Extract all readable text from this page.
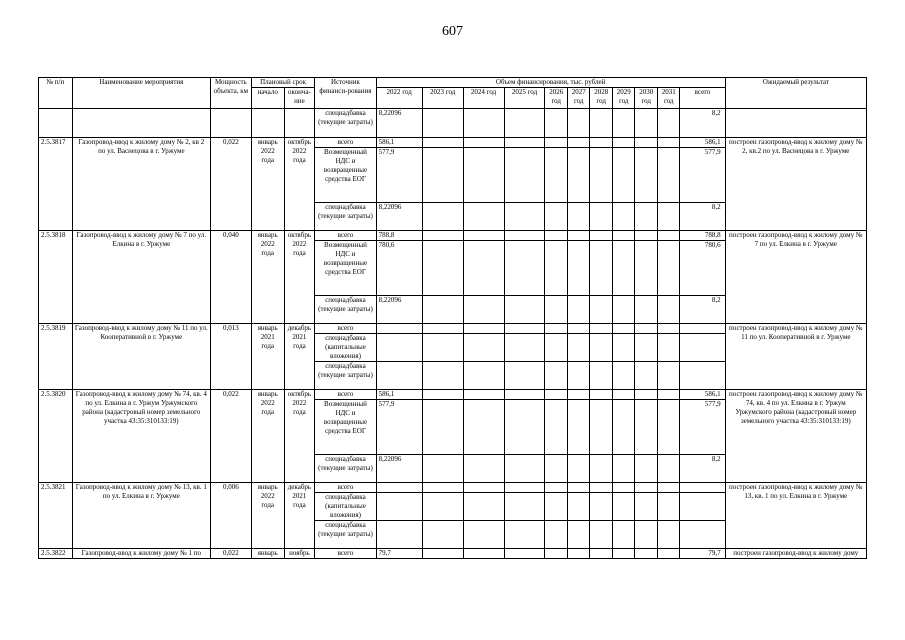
607
№ п/п	Наименование мероприятия	Мощность объекта, км	Плановый срок		Источник финанси-рования	Объем финансирования, тыс. рублей											Ожидаемый результат
			начало	оконча-ние		2022 год	2023 год	2024 год	2025 год	2026 год	2027 год	2028 год	2029 год	2030 год	2031 год	всего	
					спецнадбавка (текущие затраты)	8,22096										8,2	
2.5.3817	Газопровод-ввод к жилому дому № 2, кв 2 по ул. Васнецова в г. Уржуме	0,022	январь 2022 года	октябрь 2022 года	всего	586,1										586,1	построен газопровод-ввод к жилому дому № 2, кв.2 по ул. Васнецова в г. Уржуме
					Возмещенный НДС и возвращенные средства ЕОГ	577,9										577,9	
					спецнадбавка (текущие затраты)	8,22096										8,2	
2.5.3818	Газопровод-ввод к жилому дому № 7 по ул. Елкина в г. Уржуме	0,040	январь 2022 года	октябрь 2022 года	всего	788,8										788,8	построен газопровод-ввод к жилому дому № 7 по ул. Елкина в г. Уржуме
					Возмещенный НДС и возвращенные средства ЕОГ	780,6										780,6	
					спецнадбавка (текущие затраты)	8,22096										8,2	
2.5.3819	Газопровод-ввод к жилому дому № 11 по ул. Кооперативной в г. Уржуме	0,013	январь 2021 года	декабрь 2021 года	всего												построен газопровод-ввод к жилому дому № 11 по ул. Кооперативной в г. Уржуме
					спецнадбавка (капитальные вложения)												
					спецнадбавка (текущие затраты)												
2.5.3820	Газопровод-ввод к жилому дому № 74, кв. 4 по ул. Елкина в г. Уржум Уржумского района (кадастровый номер земельного участка 43:35:310133:19)	0,022	январь 2022 года	октябрь 2022 года	всего	586,1										586,1	построен газопровод-ввод к жилому дому № 74, кв. 4 по ул. Елкина в г. Уржум Уржумского района (кадастровый номер земельного участка 43:35:310133:19)
					Возмещенный НДС и возвращенные средства ЕОГ	577,9										577,9	
					спецнадбавка (текущие затраты)	8,22096										8,2	
2.5.3821	Газопровод-ввод к жилому дому № 13, кв. 1 по ул. Елкина в г. Уржуме	0,006	январь 2022 года	декабрь 2021 года	всего												построен газопровод-ввод к жилому дому № 13, кв. 1 по ул. Елкина в г. Уржуме
					спецнадбавка (капитальные вложения)												
					спецнадбавка (текущие затраты)												
2.5.3822	Газопровод-ввод к жилому дому № 1 по	0,022	январь	ноябрь	всего	79,7										79,7	построен газопровод-ввод к жилому дому
